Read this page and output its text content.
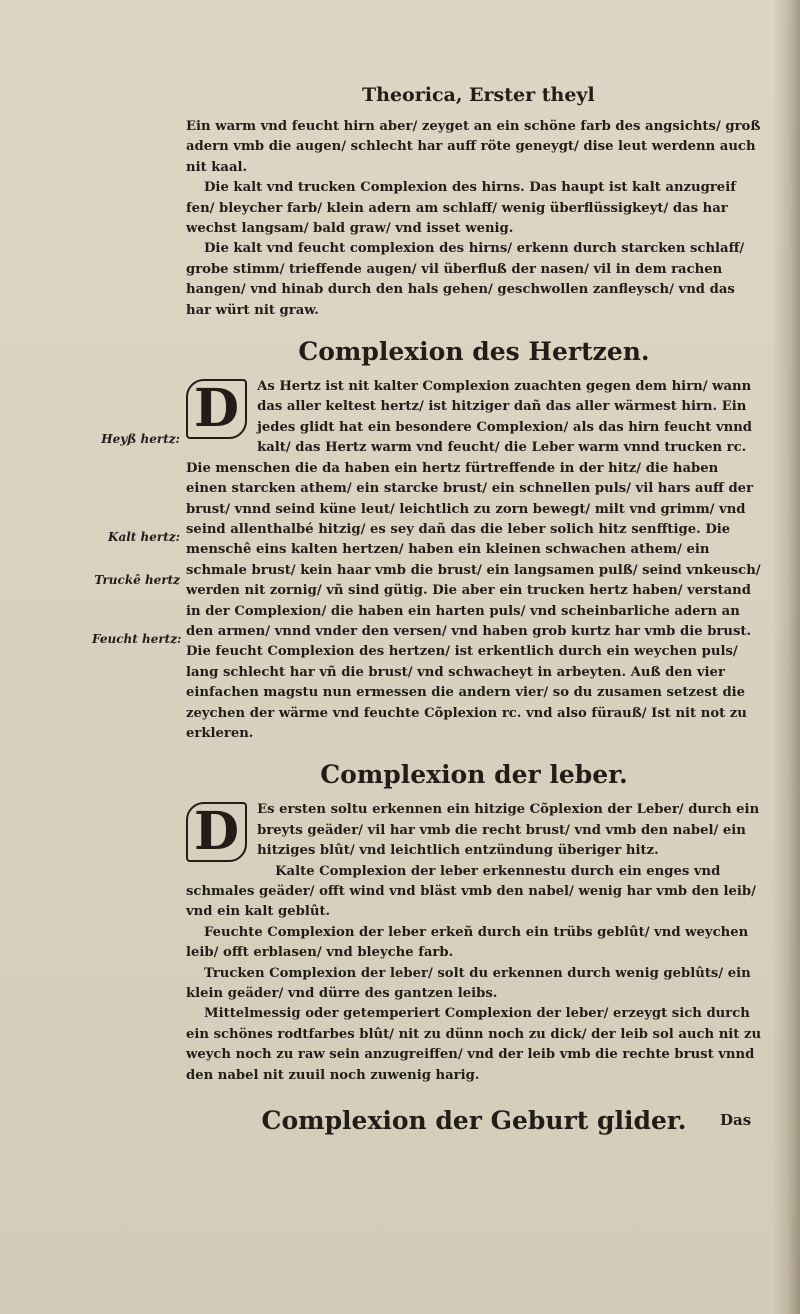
Theorica, Erster theyl
Heyß hertz:
Kalt hertz:
Truckê hertz
Feucht hertz:

Ein warm vnd feucht hirn aber/ zeyget an ein schöne farb des angsichts/ groß adern vmb die augen/ schlecht har auff röte geneygt/ dise leut werdenn auch nit kaal.

Die kalt vnd trucken Complexion des hirns. Das haupt ist kalt anzugreif fen/ bleycher farb/ klein adern am schlaff/ wenig überflüssigkeyt/ das har wechst langsam/ bald graw/ vnd isset wenig.

Die kalt vnd feucht complexion des hirns/ erkenn durch starcken schlaff/ grobe stimm/ trieffende augen/ vil überfluß der nasen/ vil in dem rachen hangen/ vnd hinab durch den hals gehen/ geschwollen zanfleysch/ vnd das har würt nit graw.

Complexion des Hertzen.

D	As Hertz ist nit kalter Complexion zuachten gegen dem hirn/ wann das aller keltest hertz/ ist hitziger dañ das aller wärmest hirn. Ein jedes glidt hat ein besondere Complexion/ als das hirn feucht vnnd kalt/ das Hertz warm vnd feucht/ die Leber warm vnnd trucken rc. Die menschen die da haben ein hertz fürtreffende in der hitz/ die haben einen starcken athem/ ein starcke brust/ ein schnellen puls/ vil hars auff der brust/ vnnd seind küne leut/ leichtlich zu zorn bewegt/ milt vnd grimm/ vnd seind allenthalbé hitzig/ es sey dañ das die leber solich hitz senfftige. Die menschê eins kalten hertzen/ haben ein kleinen schwachen athem/ ein schmale brust/ kein haar vmb die brust/ ein langsamen pulß/ seind vnkeusch/ werden nit zornig/ vñ sind gütig. Die aber ein trucken hertz haben/ verstand in der Complexion/ die haben ein harten puls/ vnd scheinbarliche adern an den armen/ vnnd vnder den versen/ vnd haben grob kurtz har vmb die brust. Die feucht Complexion des hertzen/ ist erkentlich durch ein weychen puls/ lang schlecht har vñ die brust/ vnd schwacheyt in arbeyten. Auß den vier einfachen magstu nun ermessen die andern vier/ so du zusamen setzest die zeychen der wärme vnd feuchte Cõplexion rc. vnd also fürauß/ Ist nit not zu erkleren.

Complexion der leber.

D	Es ersten soltu erkennen ein hitzige Cõplexion der Leber/ durch ein breyts geäder/ vil har vmb die recht brust/ vnd vmb den nabel/ ein hitziges blût/ vnd leichtlich entzündung überiger hitz.

Kalte Complexion der leber erkennestu durch ein enges vnd schmales geäder/ offt wind vnd bläst vmb den nabel/ wenig har vmb den leib/ vnd ein kalt geblût.

Feuchte Complexion der leber erkeñ durch ein trübs geblût/ vnd weychen leib/ offt erblasen/ vnd bleyche farb.

Trucken Complexion der leber/ solt du erkennen durch wenig geblûts/ ein klein geäder/ vnd dürre des gantzen leibs.

Mittelmessig oder getemperiert Complexion der leber/ erzeygt sich durch ein schönes rodtfarbes blût/ nit zu dünn noch zu dick/ der leib sol auch nit zu weych noch zu raw sein anzugreiffen/ vnd der leib vmb die rechte brust vnnd den nabel nit zuuil noch zuwenig harig.

Complexion der Geburt glider.	Das
